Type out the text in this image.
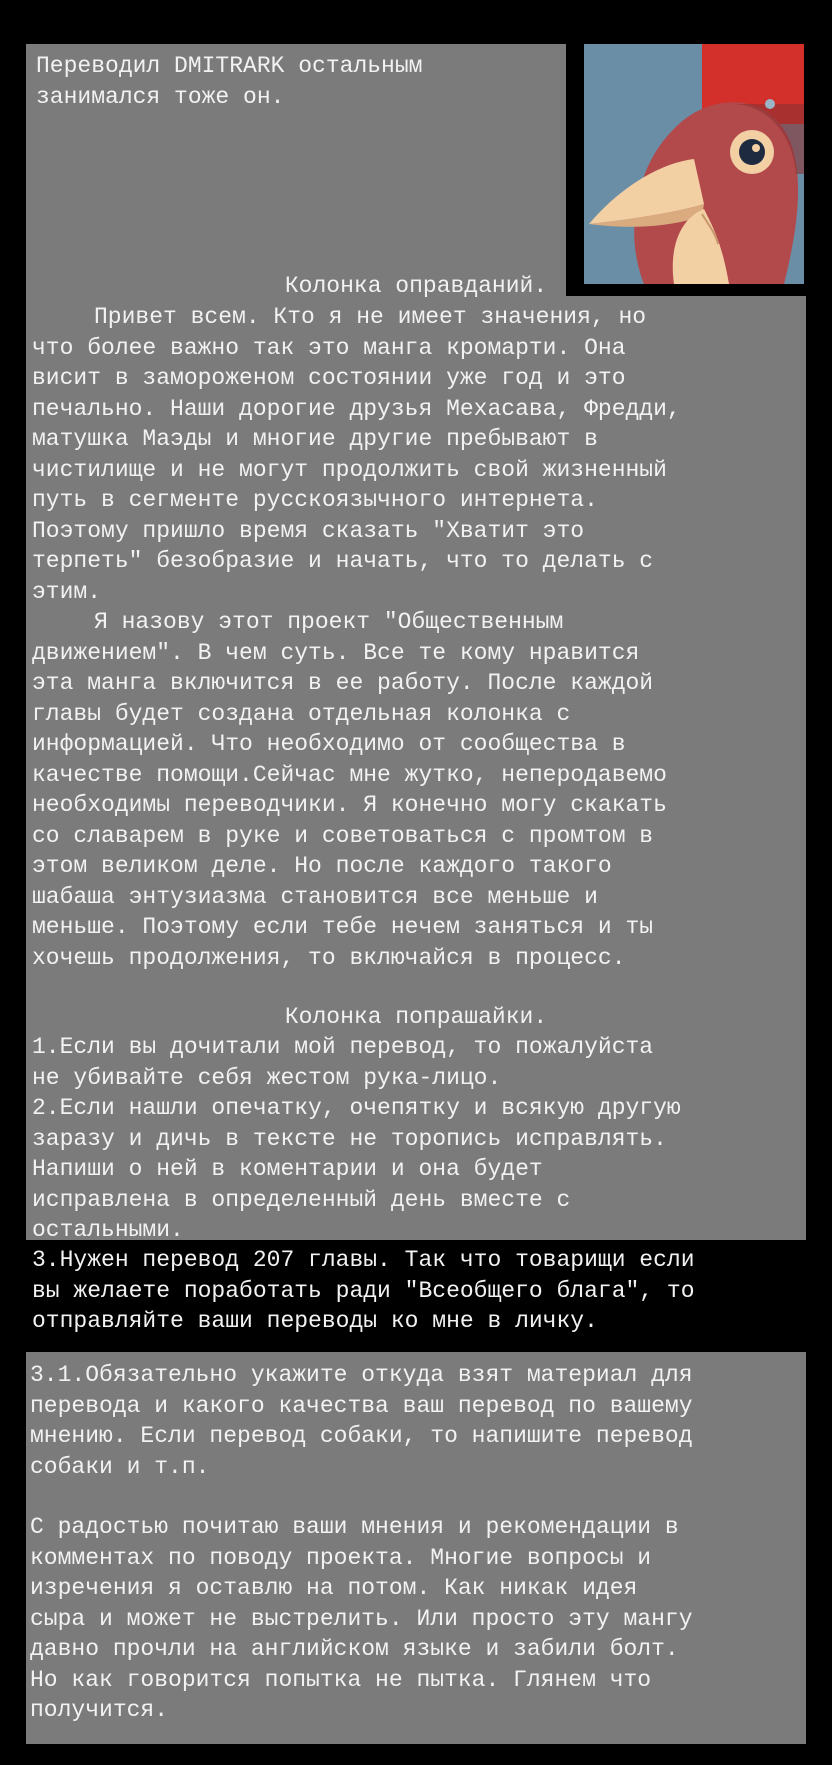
Переводил DMITRARK остальным
занимался тоже он.

Колонка оправданий.

Привет всем. Кто я не имеет значения, но
что более важно так это манга кромарти. Она
висит в замороженом состоянии уже год и это
печально. Наши дорогие друзья Мехасава, Фредди,
матушка Маэды и многие другие пребывают в
чистилище и не могут продолжить свой жизненный
путь в сегменте русскоязычного интернета.
Поэтому пришло время сказать "Хватит это
терпеть" безобразие и начать, что то делать с
этим.

Я назову этот проект "Общественным
движением". В чем суть. Все те кому нравится
эта манга включится в ее работу. После каждой
главы будет создана отдельная колонка с
информацией. Что необходимо от сообщества в
качестве помощи.Сейчас мне жутко, неперодавемо
необходимы переводчики. Я конечно могу скакать
со славарем в руке и советоваться с промтом в
этом великом деле. Но после каждого такого
шабаша энтузиазма становится все меньше и
меньше. Поэтому если тебе нечем заняться и ты
хочешь продолжения, то включайся в процесс.

Колонка попрашайки.

1.Если вы дочитали мой перевод, то пожалуйста
не убивайте себя жестом рука-лицо.

2.Если нашли опечатку, очепятку и всякую другую
заразу и дичь в тексте не торопись исправлять.
Напиши о ней в коментарии и она будет
исправлена в определенный день вместе с
остальными.

3.Нужен перевод 207 главы. Так что товарищи если
вы желаете поработать ради "Всеобщего блага", то
отправляйте ваши переводы ко мне в личку.

3.1.Обязательно укажите откуда взят материал для
перевода и какого качества ваш перевод по вашему
мнению. Если перевод собаки, то напишите перевод
собаки и т.п.

С радостью почитаю ваши мнения и рекомендации в
комментах по поводу проекта. Многие вопросы и
изречения я оставлю на потом. Как никак идея
сыра и может не выстрелить. Или просто эту мангу
давно прочли на английском языке и забили болт.
Но как говорится попытка не пытка. Глянем что
получится.
